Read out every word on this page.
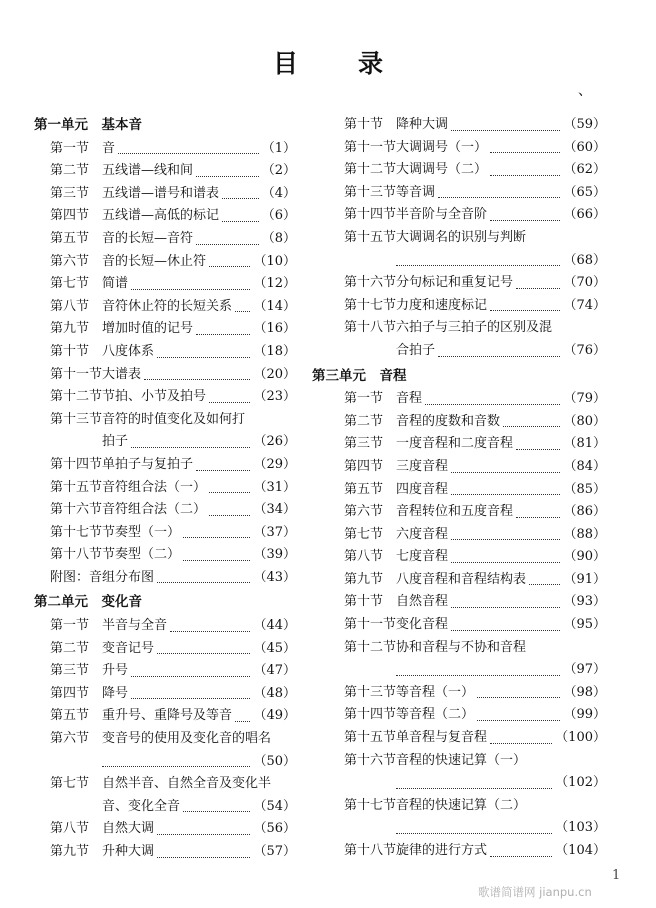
目录
、
第一单元　基本音
第一节 音	（1）
第二节 五线谱—线和间	（2）
第三节 五线谱—谱号和谱表	（4）
第四节 五线谱—高低的标记	（6）
第五节 音的长短—音符	（8）
第六节 音的长短—休止符	（10）
第七节 简谱	（12）
第八节 音符休止符的长短关系 （14）
第九节 增加时值的记号	（16）
第十节 八度体系	（18）
第十一节 大谱表	（20）
第十二节 节拍、小节及拍号	（23）
第十三节 音符的时值变化及如何打
拍子	（26）
第十四节 单拍子与复拍子	（29）
第十五节 音符组合法（一）	（31）
第十六节 音符组合法（二）	（34）
第十七节 节奏型（一）	（37）
第十八节 节奏型（二）	（39）
附图：音组分布图	（43）
第二单元　变化音
第一节 半音与全音	（44）
第二节 变音记号	（45）
第三节 升号	（47）
第四节 降号	（48）
第五节 重升号、重降号及等音 （49）
第六节 变音号的使用及变化音的唱名
（50）
第七节 自然半音、自然全音及变化半
音、变化全音	（54）
第八节 自然大调	（56）
第九节 升种大调	（57）
第十节 降种大调	（59）
第十一节 大调调号（一）	（60）
第十二节 大调调号（二）	（62）
第十三节 等音调	（65）
第十四节 半音阶与全音阶	（66）
第十五节 大调调名的识别与判断
（68）
第十六节 分句标记和重复记号	（70）
第十七节 力度和速度标记	（74）
第十八节 六拍子与三拍子的区别及混
合拍子	（76）
第三单元　音程
第一节 音程	（79）
第二节 音程的度数和音数	（80）
第三节 一度音程和二度音程	（81）
第四节 三度音程	（84）
第五节 四度音程	（85）
第六节 音程转位和五度音程	（86）
第七节 六度音程	（88）
第八节 七度音程	（90）
第九节 八度音程和音程结构表	（91）
第十节 自然音程	（93）
第十一节 变化音程	（95）
第十二节 协和音程与不协和音程
（97）
第十三节 等音程（一）	（98）
第十四节 等音程（二）	（99）
第十五节 单音程与复音程	（100）
第十六节 音程的快速记算（一）
（102）
第十七节 音程的快速记算（二）
（103）
第十八节 旋律的进行方式	（104）
1
歌谱简谱网 jianpu.cn
